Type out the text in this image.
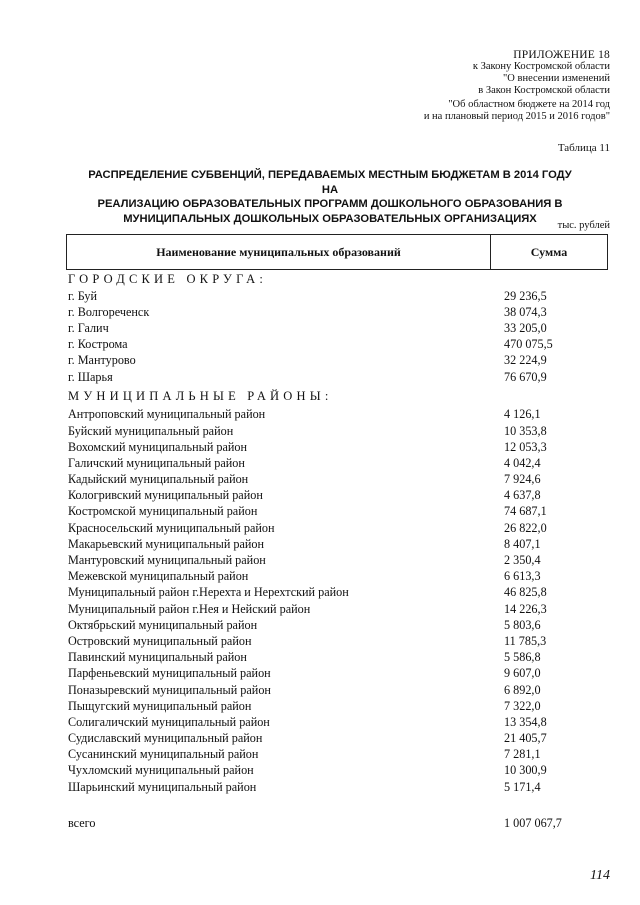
ПРИЛОЖЕНИЕ 18
к Закону Костромской области
"О внесении изменений
в Закон Костромской области
"Об областном бюджете на 2014 год
и на плановый период 2015 и 2016 годов"
Таблица 11
РАСПРЕДЕЛЕНИЕ СУБВЕНЦИЙ, ПЕРЕДАВАЕМЫХ МЕСТНЫМ БЮДЖЕТАМ В 2014 ГОДУ НА
РЕАЛИЗАЦИЮ ОБРАЗОВАТЕЛЬНЫХ ПРОГРАММ ДОШКОЛЬНОГО ОБРАЗОВАНИЯ В
МУНИЦИПАЛЬНЫХ ДОШКОЛЬНЫХ ОБРАЗОВАТЕЛЬНЫХ ОРГАНИЗАЦИЯХ
тыс. рублей
Наименование муниципальных образований	Сумма
ГОРОДСКИЕ ОКРУГА:
г. Буй	29 236,5
г. Волгореченск	38 074,3
г. Галич	33 205,0
г. Кострома	470 075,5
г. Мантурово	32 224,9
г. Шарья	76 670,9
МУНИЦИПАЛЬНЫЕ РАЙОНЫ:
Антроповский муниципальный район	4 126,1
Буйский муниципальный район	10 353,8
Вохомский муниципальный район	12 053,3
Галичский муниципальный район	4 042,4
Кадыйский муниципальный район	7 924,6
Кологривский муниципальный район	4 637,8
Костромской муниципальный район	74 687,1
Красносельский муниципальный район	26 822,0
Макарьевский муниципальный район	8 407,1
Мантуровский муниципальный район	2 350,4
Межевской муниципальный район	6 613,3
Муниципальный район г.Нерехта и Нерехтский район	46 825,8
Муниципальный район г.Нея и Нейский район	14 226,3
Октябрьский муниципальный район	5 803,6
Островский муниципальный район	11 785,3
Павинский муниципальный район	5 586,8
Парфеньевский муниципальный район	9 607,0
Поназыревский муниципальный район	6 892,0
Пыщугский муниципальный район	7 322,0
Солигаличский муниципальный район	13 354,8
Судиславский муниципальный район	21 405,7
Сусанинский муниципальный район	7 281,1
Чухломский муниципальный район	10 300,9
Шарьинский муниципальный район	5 171,4
всего	1 007 067,7
114
